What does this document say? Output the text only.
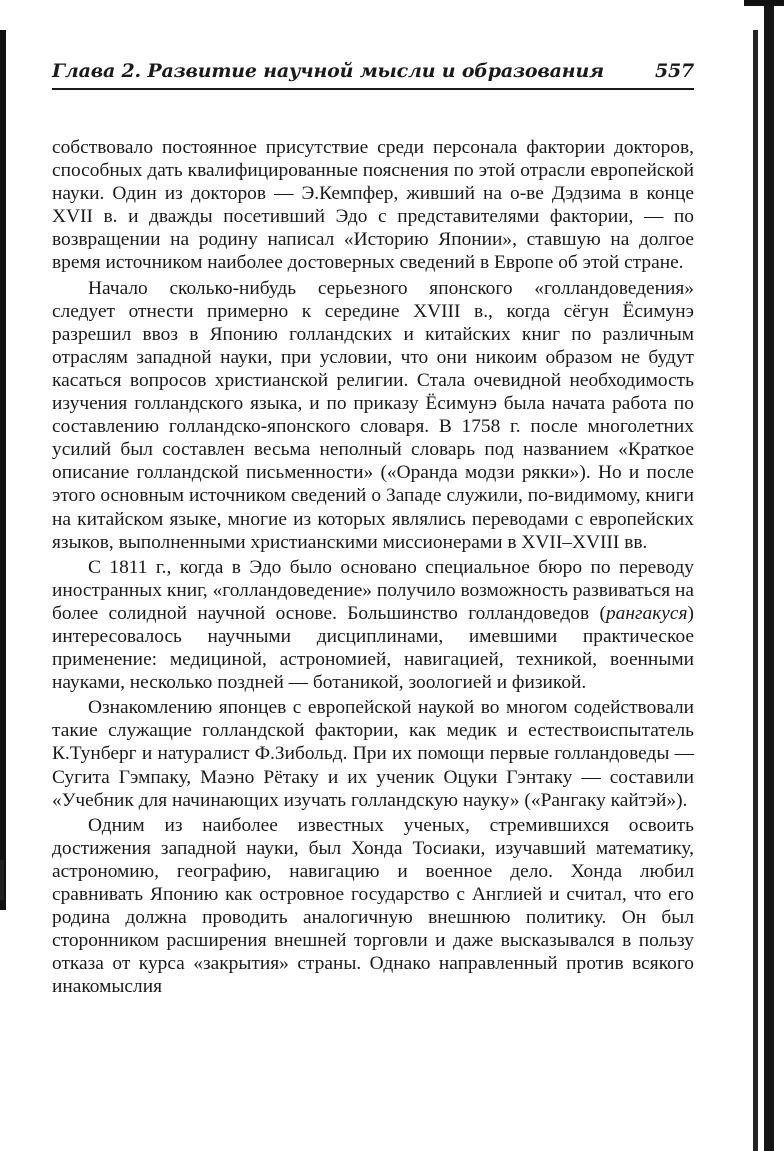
Глава 2. Развитие научной мысли и образования	557

собствовало постоянное присутствие среди персонала фактории докторов, способных дать квалифицированные пояснения по этой отрасли европейской науки. Один из докторов — Э.Кемпфер, живший на о-ве Дэдзима в конце XVII в. и дважды посетивший Эдо с представителями фактории, — по возвращении на родину написал «Историю Японии», ставшую на долгое время источником наиболее достоверных сведений в Европе об этой стране.

Начало сколько-нибудь серьезного японского «голландоведения» следует отнести примерно к середине XVIII в., когда сёгун Ёсимунэ разрешил ввоз в Японию голландских и китайских книг по различным отраслям западной науки, при условии, что они никоим образом не будут касаться вопросов христианской религии. Стала очевидной необходимость изучения голландского языка, и по приказу Ёсимунэ была начата работа по составлению голландско-японского словаря. В 1758 г. после многолетних усилий был составлен весьма неполный словарь под названием «Краткое описание голландской письменности» («Оранда модзи рякки»). Но и после этого основным источником сведений о Западе служили, по-видимому, книги на китайском языке, многие из которых являлись переводами с европейских языков, выполненными христианскими миссионерами в XVII–XVIII вв.

С 1811 г., когда в Эдо было основано специальное бюро по переводу иностранных книг, «голландоведение» получило возможность развиваться на более солидной научной основе. Большинство голландоведов (рангакуся) интересовалось научными дисциплинами, имевшими практическое применение: медициной, астрономией, навигацией, техникой, военными науками, несколько поздней — ботаникой, зоологией и физикой.

Ознакомлению японцев с европейской наукой во многом содействовали такие служащие голландской фактории, как медик и естествоиспытатель К.Тунберг и натуралист Ф.Зибольд. При их помощи первые голландоведы — Сугита Гэмпаку, Маэно Рётаку и их ученик Оцуки Гэнтаку — составили «Учебник для начинающих изучать голландскую науку» («Рангаку кайтэй»).

Одним из наиболее известных ученых, стремившихся освоить достижения западной науки, был Хонда Тосиаки, изучавший математику, астрономию, географию, навигацию и военное дело. Хонда любил сравнивать Японию как островное государство с Англией и считал, что его родина должна проводить аналогичную внешнюю политику. Он был сторонником расширения внешней торговли и даже высказывался в пользу отказа от курса «закрытия» страны. Однако направленный против всякого инакомыслия
